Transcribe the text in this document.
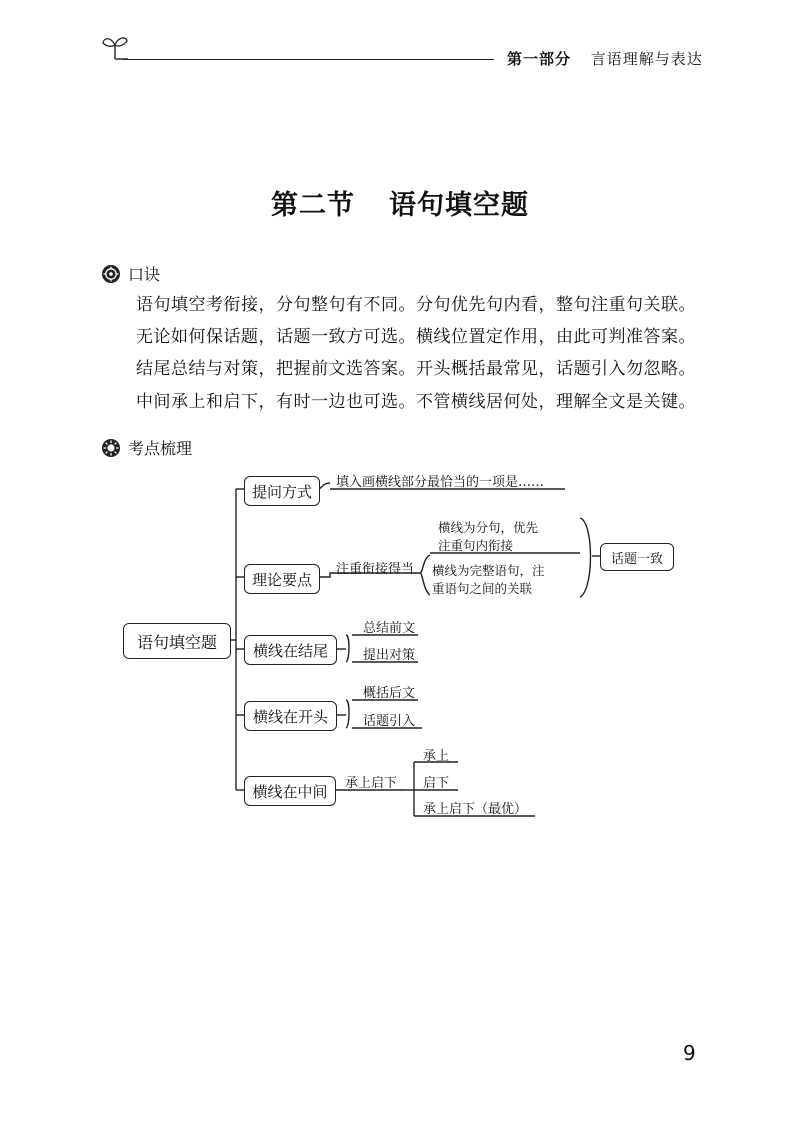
第一部分 言语理解与表达
第二节 语句填空题
口诀
语句填空考衔接，分句整句有不同。分句优先句内看，整句注重句关联。
无论如何保话题，话题一致方可选。横线位置定作用，由此可判准答案。
结尾总结与对策，把握前文选答案。开头概括最常见，话题引入勿忽略。
中间承上和启下，有时一边也可选。不管横线居何处，理解全文是关键。
考点梳理
语句填空题
提问方式
理论要点
横线在结尾
横线在开头
横线在中间
填入画横线部分最恰当的一项是……
注重衔接得当
横线为分句，优先
注重句内衔接
横线为完整语句，注
重语句之间的关联
话题一致
总结前文
提出对策
概括后文
话题引入
承上启下
承上
启下
承上启下（最优）
9
